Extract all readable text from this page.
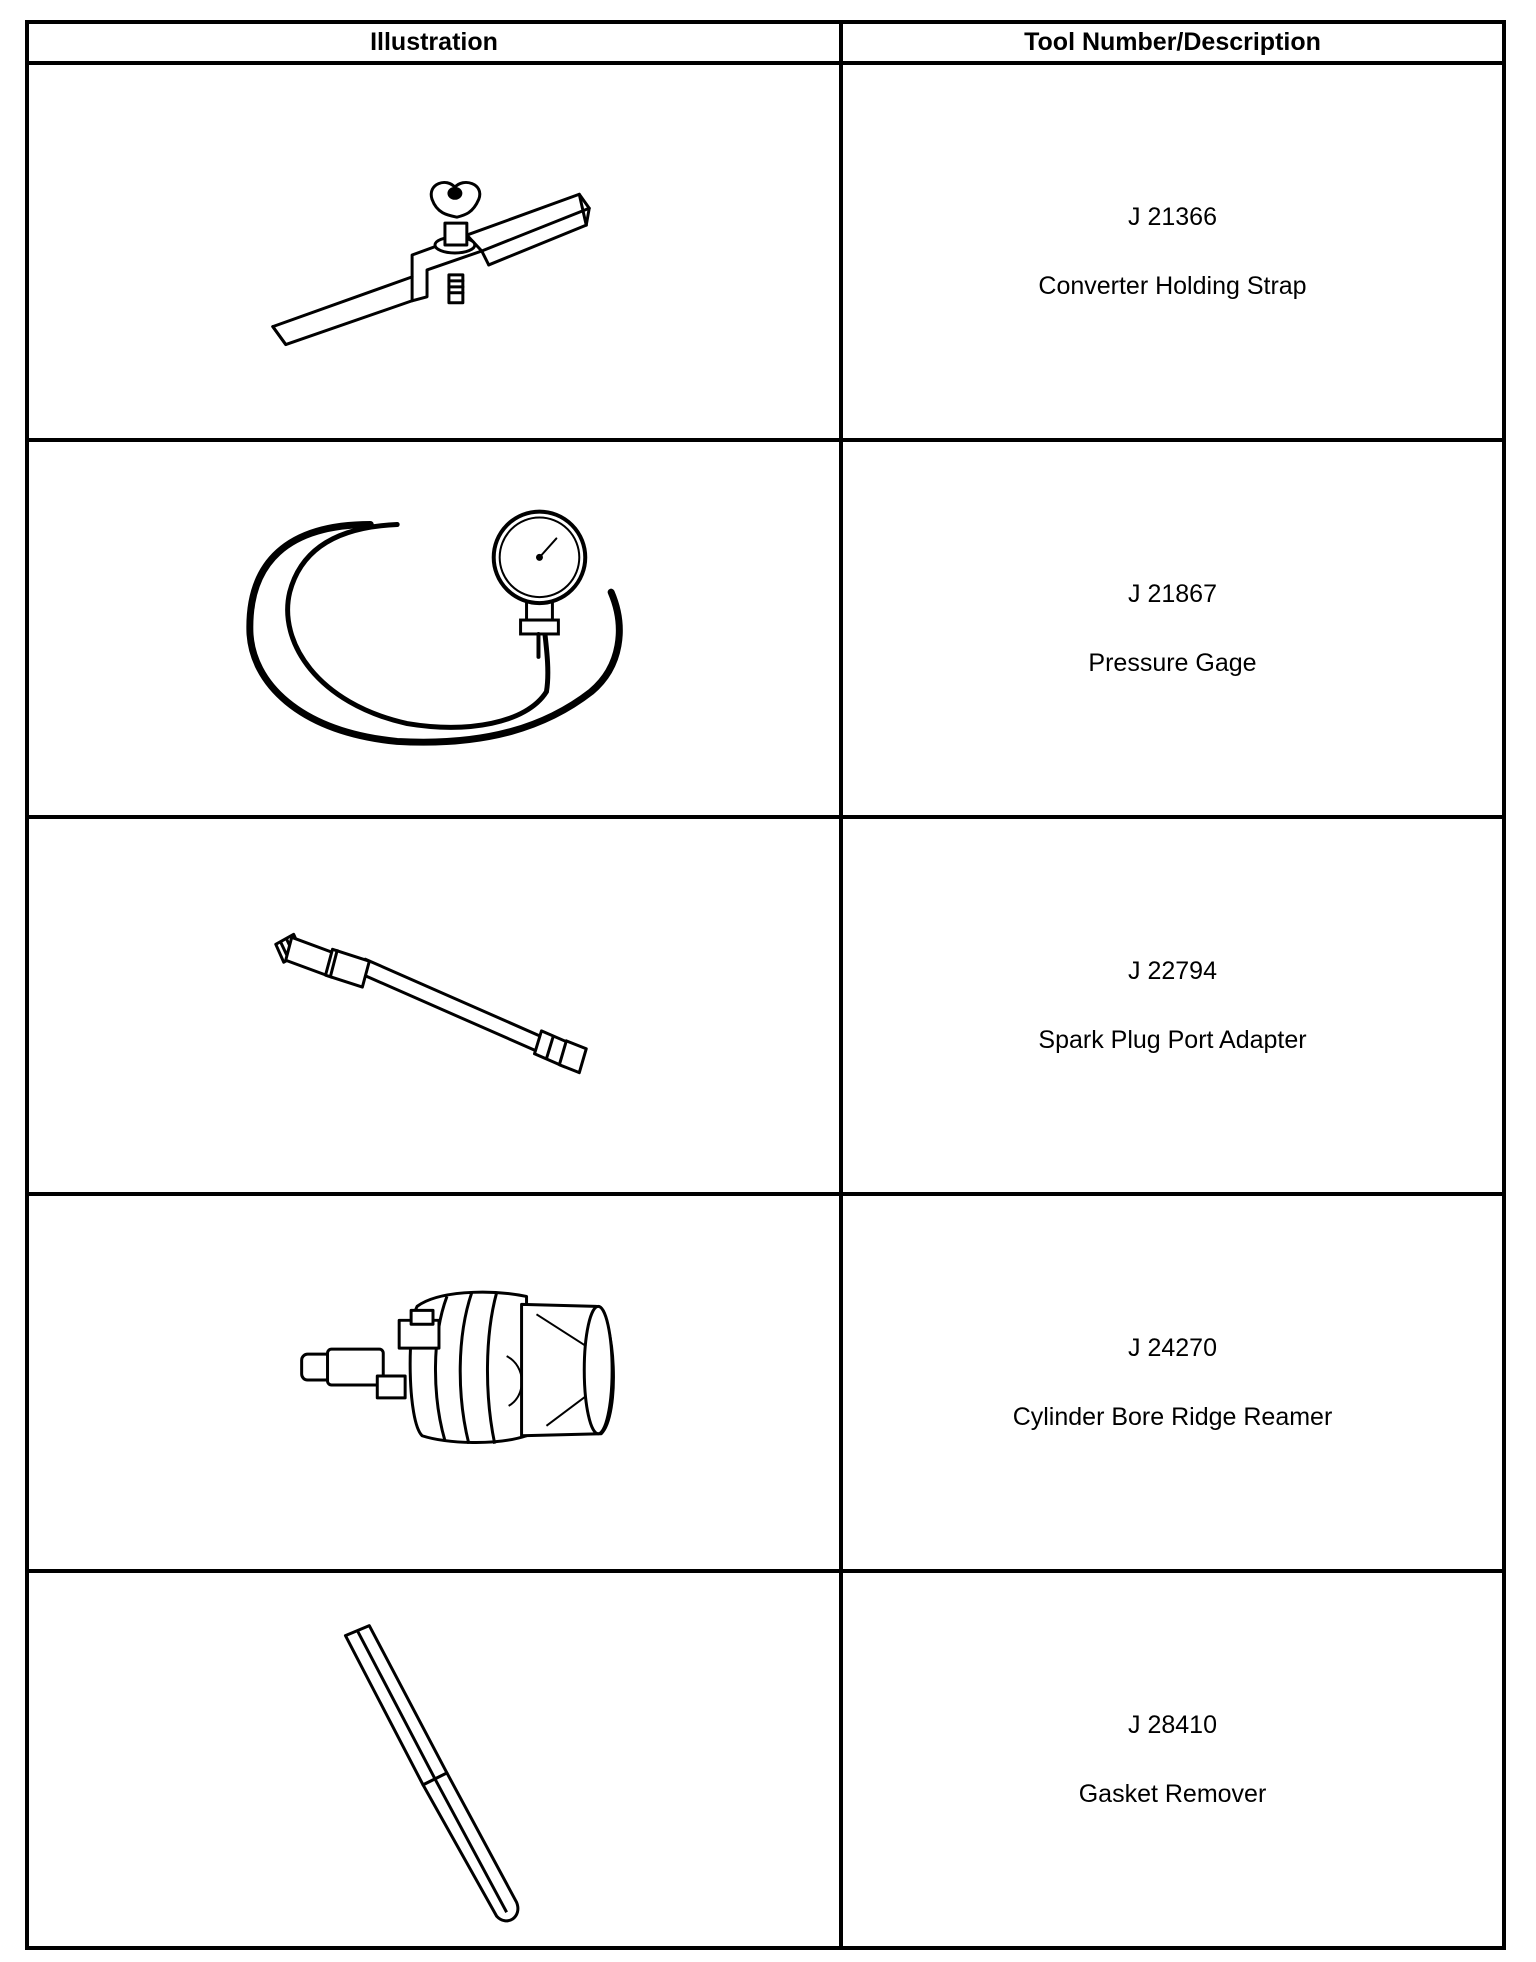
Illustration	Tool Number/Description

J 21366
Converter Holding Strap

J 21867
Pressure Gage

J 22794
Spark Plug Port Adapter

J 24270
Cylinder Bore Ridge Reamer

J 28410
Gasket Remover
